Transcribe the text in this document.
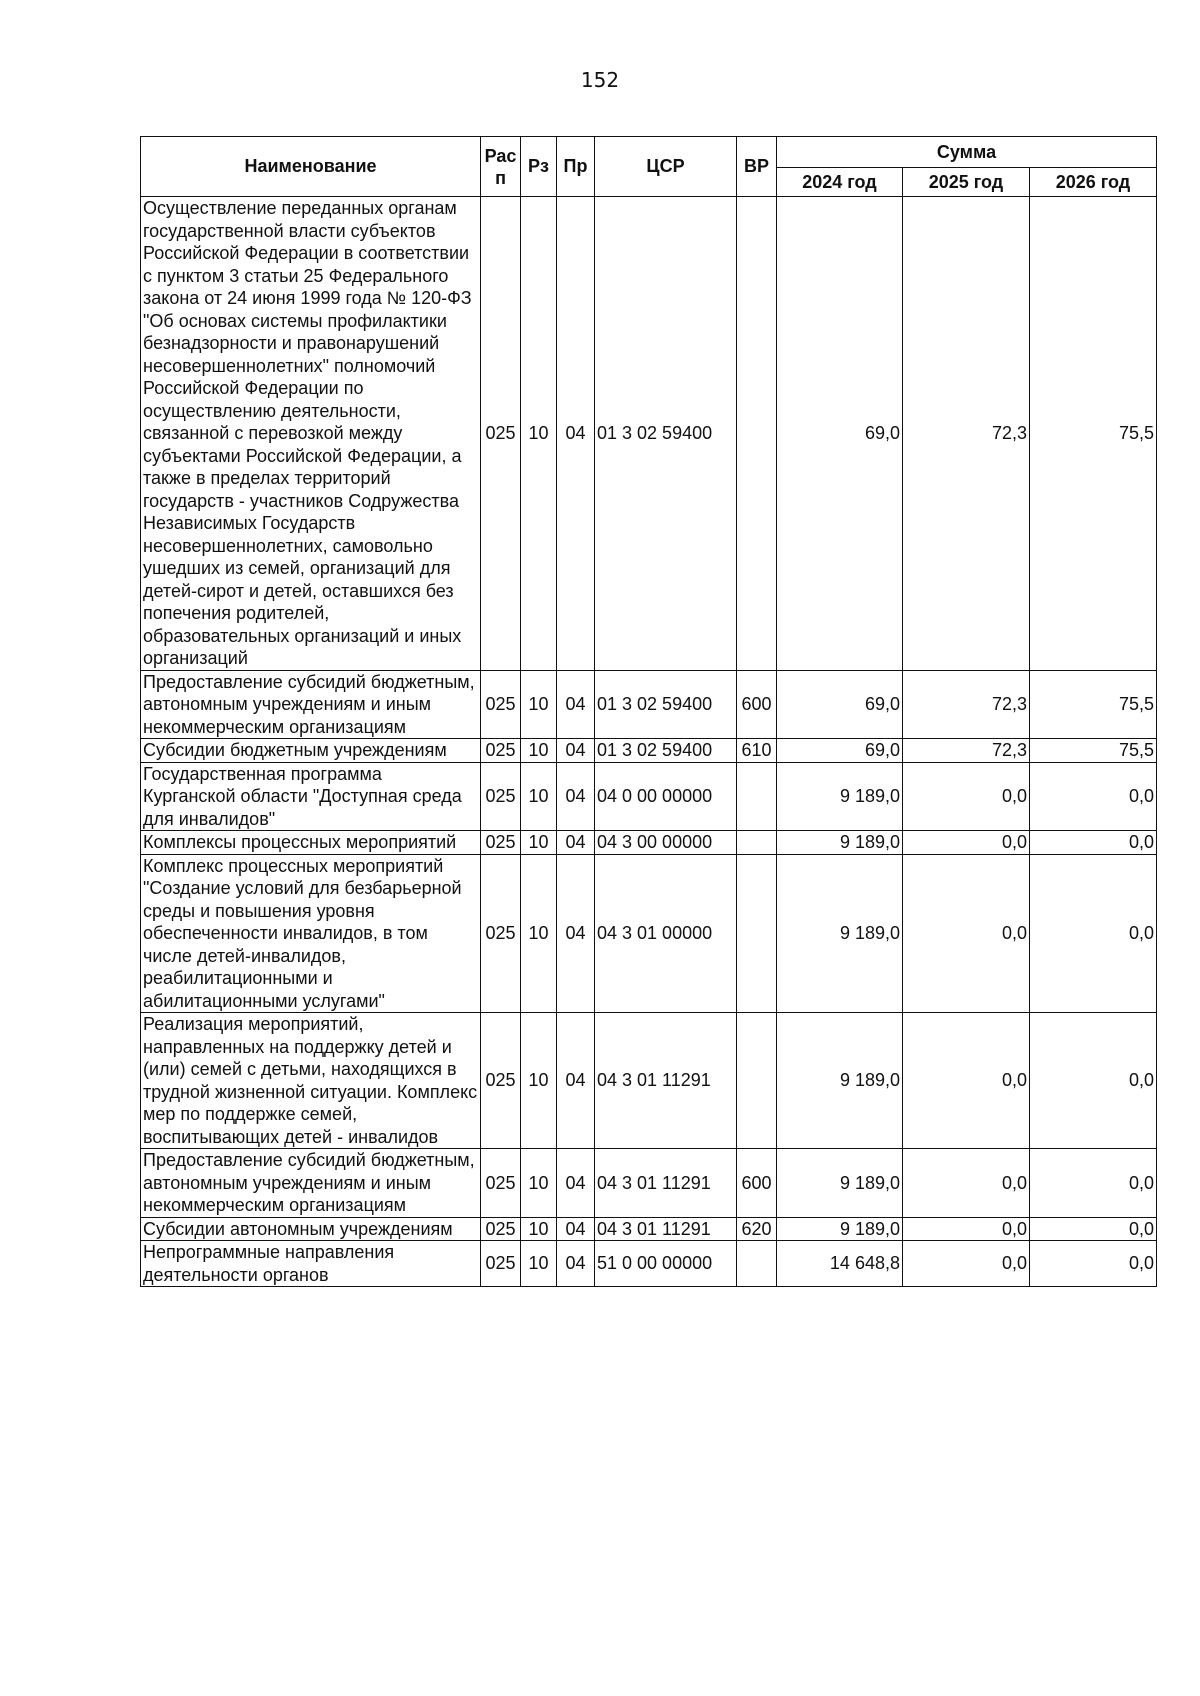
152
Наименование	Рас п	Рз	Пр	ЦСР	ВР	Сумма		
						2024 год	2025 год	2026 год
Осуществление переданных органам государственной власти субъектов Российской Федерации в соответствии с пунктом 3 статьи 25 Федерального закона от 24 июня 1999 года № 120-ФЗ "Об основах системы профилактики безнадзорности и правонарушений несовершеннолетних" полномочий Российской Федерации по осуществлению деятельности, связанной с перевозкой между субъектами Российской Федерации, а также в пределах территорий государств - участников Содружества Независимых Государств несовершеннолетних, самовольно ушедших из семей, организаций для детей-сирот и детей, оставшихся без попечения родителей, образовательных организаций и иных организаций	025	10	04	01 3 02 59400		69,0	72,3	75,5
Предоставление субсидий бюджетным, автономным учреждениям и иным некоммерческим организациям	025	10	04	01 3 02 59400	600	69,0	72,3	75,5
Субсидии бюджетным учреждениям	025	10	04	01 3 02 59400	610	69,0	72,3	75,5
Государственная программа Курганской области "Доступная среда для инвалидов"	025	10	04	04 0 00 00000		9 189,0	0,0	0,0
Комплексы процессных мероприятий	025	10	04	04 3 00 00000		9 189,0	0,0	0,0
Комплекс процессных мероприятий "Создание условий для безбарьерной среды и повышения уровня обеспеченности инвалидов, в том числе детей-инвалидов, реабилитационными и абилитационными услугами"	025	10	04	04 3 01 00000		9 189,0	0,0	0,0
Реализация мероприятий, направленных на поддержку детей и (или) семей с детьми, находящихся в трудной жизненной ситуации. Комплекс мер по поддержке семей, воспитывающих детей - инвалидов	025	10	04	04 3 01 11291		9 189,0	0,0	0,0
Предоставление субсидий бюджетным, автономным учреждениям и иным некоммерческим организациям	025	10	04	04 3 01 11291	600	9 189,0	0,0	0,0
Субсидии автономным учреждениям	025	10	04	04 3 01 11291	620	9 189,0	0,0	0,0
Непрограммные направления деятельности органов	025	10	04	51 0 00 00000		14 648,8	0,0	0,0
